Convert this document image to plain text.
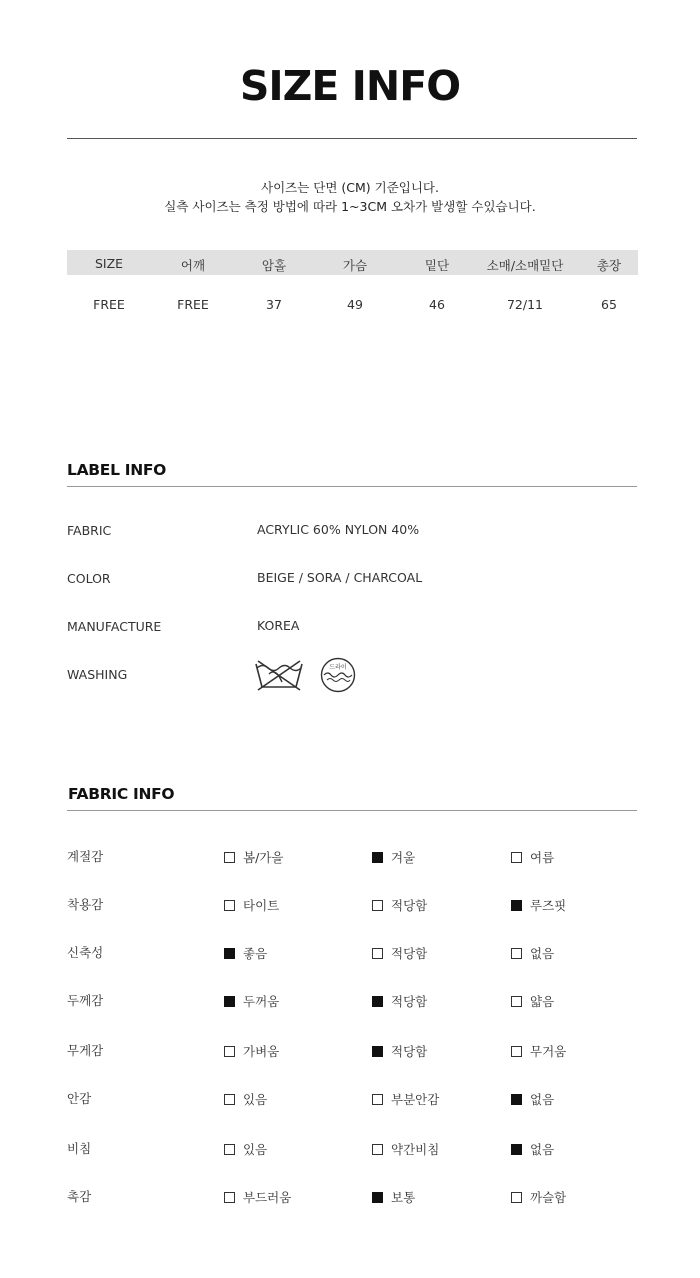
SIZE INFO
사이즈는 단면 (CM) 기준입니다.
실측 사이즈는 측정 방법에 따라 1~3CM 오차가 발생할 수있습니다.
SIZE	어깨	암홀	가슴	밑단	소매/소매밑단	총장
FREE	FREE	37	49	46	72/11	65
LABEL INFO
FABRIC	ACRYLIC 60% NYLON 40%
COLOR	BEIGE / SORA / CHARCOAL
MANUFACTURE	KOREA
WASHING	드라이
FABRIC INFO
계절감	봄/가을	겨울	여름
착용감	타이트	적당함	루즈핏
신축성	좋음	적당함	없음
두께감	두꺼움	적당함	얇음
무게감	가벼움	적당함	무거움
안감	있음	부분안감	없음
비침	있음	약간비침	없음
촉감	부드러움	보통	까슬함
